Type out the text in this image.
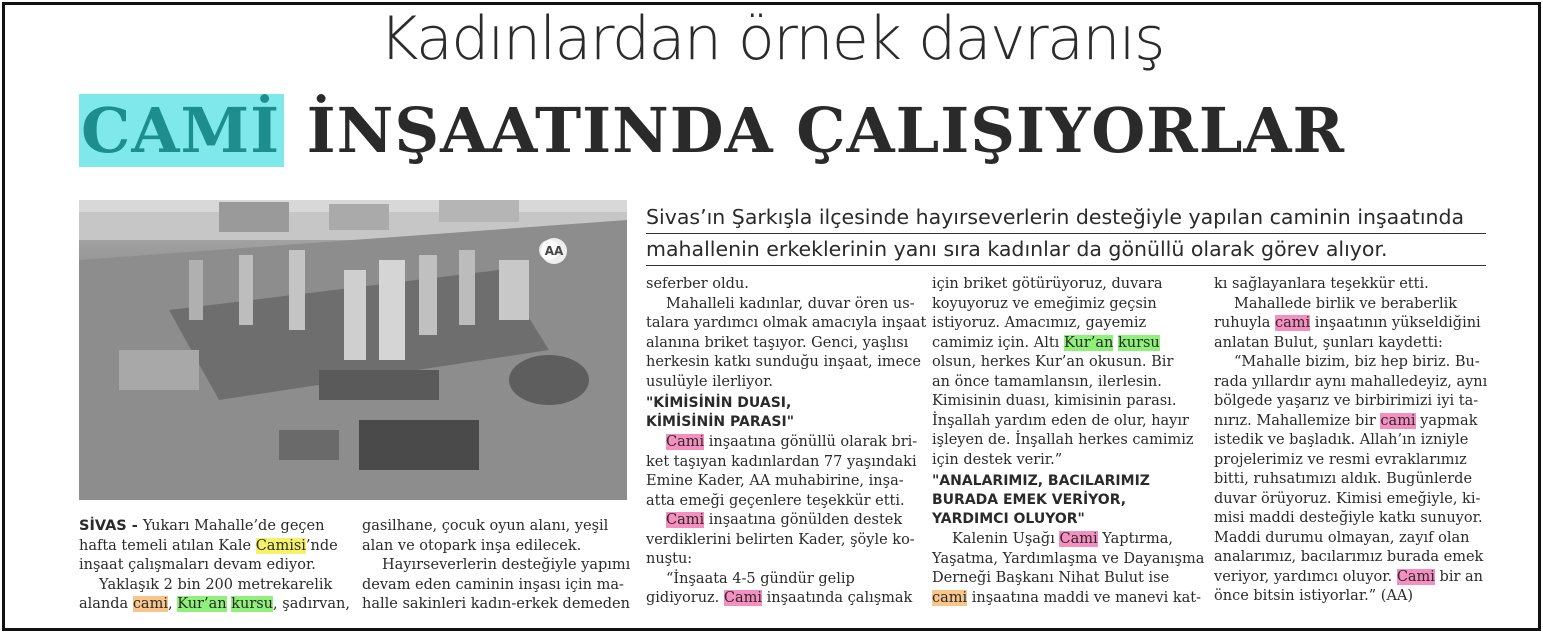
Kadınlardan örnek davranış
CAMİ İNŞAATINDA ÇALIŞIYORLAR
Sivas’ın Şarkışla ilçesinde hayırseverlerin desteğiyle yapılan caminin inşaatında
mahallenin erkeklerinin yanı sıra kadınlar da gönüllü olarak görev alıyor.

SİVAS - Yukarı Mahalle’de geçen

hafta temeli atılan Kale Camisi’nde

inşaat çalışmaları devam ediyor.

Yaklaşık 2 bin 200 metrekarelik

alanda cami, Kur’an kursu, şadırvan,

gasilhane, çocuk oyun alanı, yeşil

alan ve otopark inşa edilecek.

Hayırseverlerin desteğiyle yapımı

devam eden caminin inşası için ma-

halle sakinleri kadın-erkek demeden

seferber oldu.

Mahalleli kadınlar, duvar ören us-

talara yardımcı olmak amacıyla inşaat

alanına briket taşıyor. Genci, yaşlısı

herkesin katkı sunduğu inşaat, imece

usulüyle ilerliyor.

"KİMİSİNİN DUASI,
KİMİSİNİN PARASI"

Cami inşaatına gönüllü olarak bri-

ket taşıyan kadınlardan 77 yaşındaki

Emine Kader, AA muhabirine, inşa-

atta emeği geçenlere teşekkür etti.

Cami inşaatına gönülden destek

verdiklerini belirten Kader, şöyle ko-

nuştu:

“İnşaata 4-5 gündür gelip

gidiyoruz. Cami inşaatında çalışmak

için briket götürüyoruz, duvara

koyuyoruz ve emeğimiz geçsin

istiyoruz. Amacımız, gayemiz

camimiz için. Altı Kur’an kursu

olsun, herkes Kur’an okusun. Bir

an önce tamamlansın, ilerlesin.

Kimisinin duası, kimisinin parası.

İnşallah yardım eden de olur, hayır

işleyen de. İnşallah herkes camimiz

için destek verir.”

"ANALARIMIZ, BACILARIMIZ
BURADA EMEK VERİYOR,
YARDIMCI OLUYOR"

Kalenin Uşağı Cami Yaptırma,

Yaşatma, Yardımlaşma ve Dayanışma

Derneği Başkanı Nihat Bulut ise

cami inşaatına maddi ve manevi kat-

kı sağlayanlara teşekkür etti.

Mahallede birlik ve beraberlik

ruhuyla cami inşaatının yükseldiğini

anlatan Bulut, şunları kaydetti:

“Mahalle bizim, biz hep biriz. Bu-

rada yıllardır aynı mahalledeyiz, aynı

bölgede yaşarız ve birbirimizi iyi ta-

nırız. Mahallemize bir cami yapmak

istedik ve başladık. Allah’ın izniyle

projelerimiz ve resmi evraklarımız

bitti, ruhsatımızı aldık. Bugünlerde

duvar örüyoruz. Kimisi emeğiyle, ki-

misi maddi desteğiyle katkı sunuyor.

Maddi durumu olmayan, zayıf olan

analarımız, bacılarımız burada emek

veriyor, yardımcı oluyor. Cami bir an

önce bitsin istiyorlar.” (AA)

AA
